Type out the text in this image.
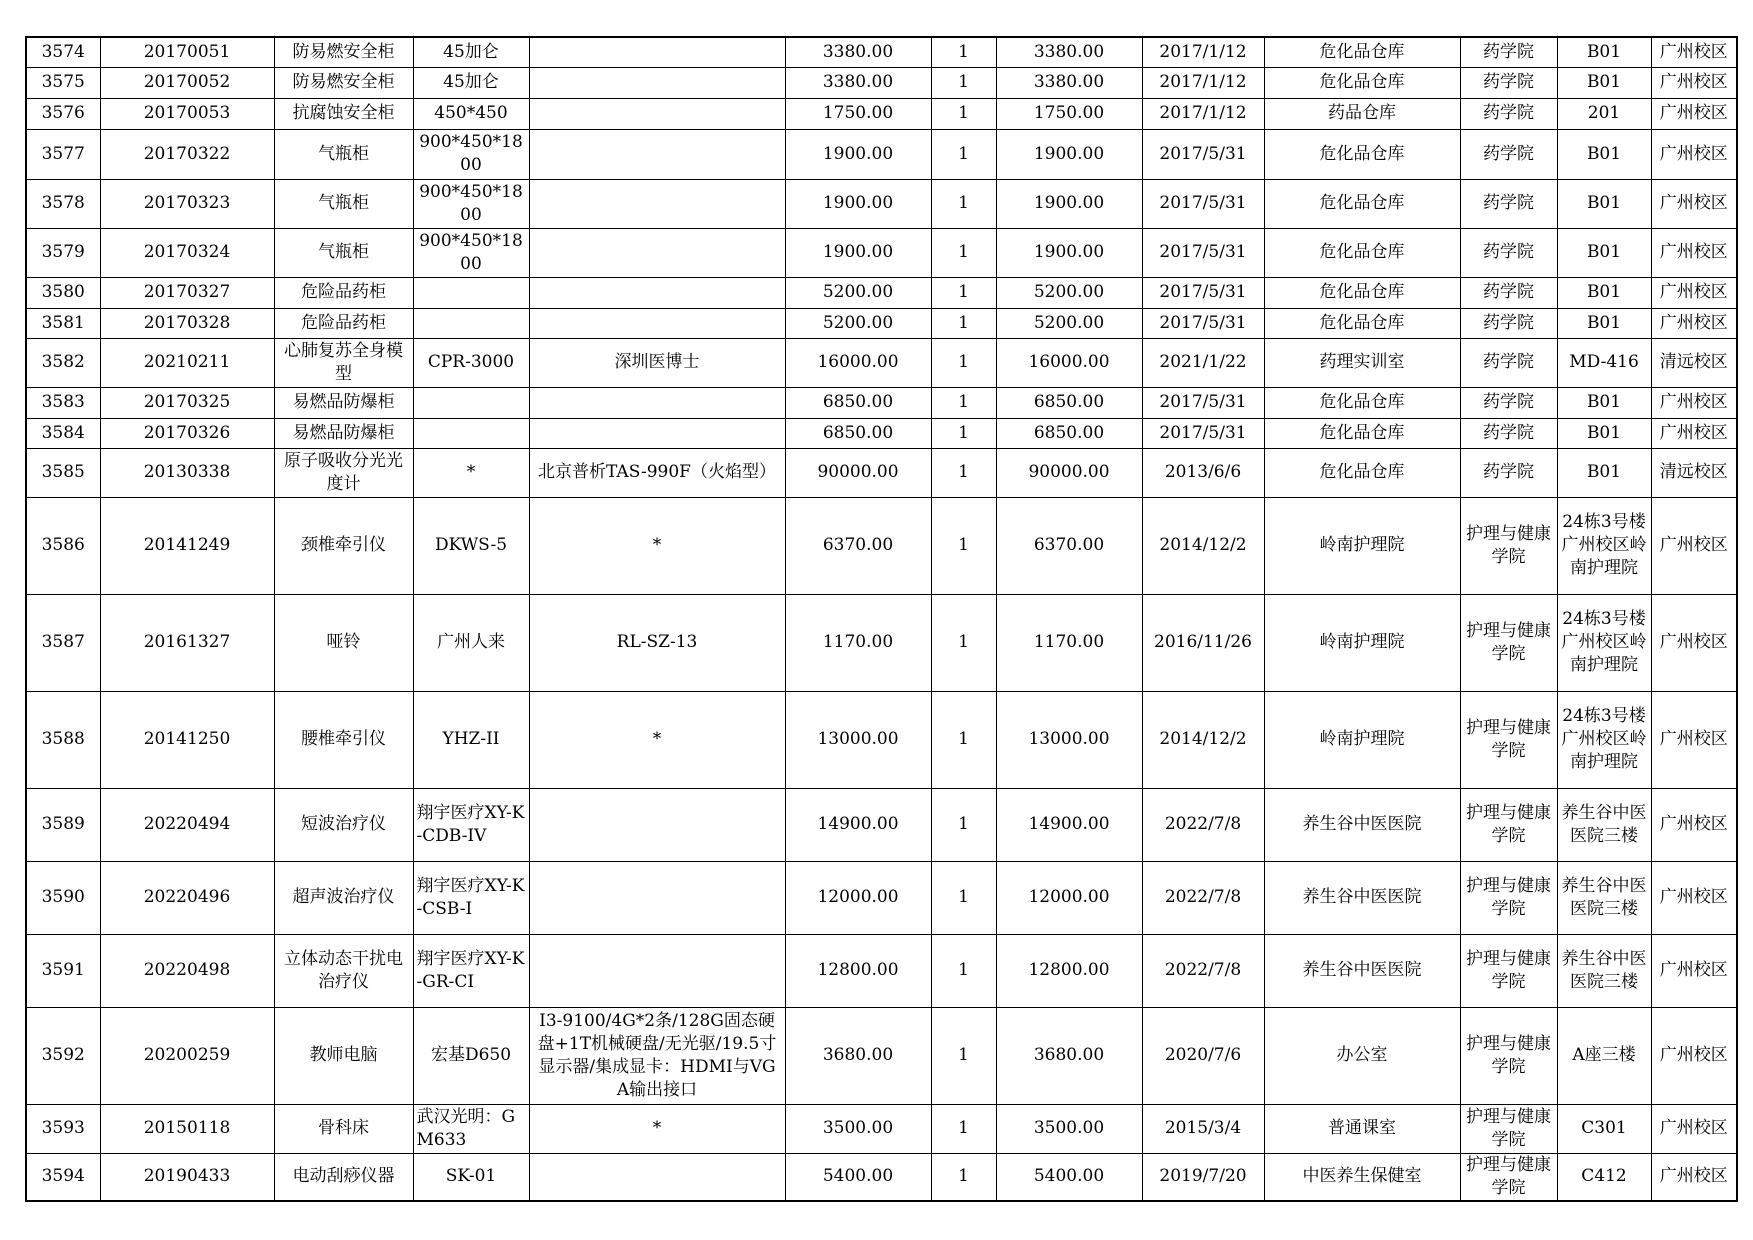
3574	20170051	防易燃安全柜	45加仑		3380.00	1	3380.00	2017/1/12	危化品仓库	药学院	B01	广州校区
3575	20170052	防易燃安全柜	45加仑		3380.00	1	3380.00	2017/1/12	危化品仓库	药学院	B01	广州校区
3576	20170053	抗腐蚀安全柜	450*450		1750.00	1	1750.00	2017/1/12	药品仓库	药学院	201	广州校区
3577	20170322	气瓶柜	900*450*1800		1900.00	1	1900.00	2017/5/31	危化品仓库	药学院	B01	广州校区
3578	20170323	气瓶柜	900*450*1800		1900.00	1	1900.00	2017/5/31	危化品仓库	药学院	B01	广州校区
3579	20170324	气瓶柜	900*450*1800		1900.00	1	1900.00	2017/5/31	危化品仓库	药学院	B01	广州校区
3580	20170327	危险品药柜			5200.00	1	5200.00	2017/5/31	危化品仓库	药学院	B01	广州校区
3581	20170328	危险品药柜			5200.00	1	5200.00	2017/5/31	危化品仓库	药学院	B01	广州校区
3582	20210211	心肺复苏全身模型	CPR-3000	深圳医博士	16000.00	1	16000.00	2021/1/22	药理实训室	药学院	MD-416	清远校区
3583	20170325	易燃品防爆柜			6850.00	1	6850.00	2017/5/31	危化品仓库	药学院	B01	广州校区
3584	20170326	易燃品防爆柜			6850.00	1	6850.00	2017/5/31	危化品仓库	药学院	B01	广州校区
3585	20130338	原子吸收分光光度计	*	北京普析TAS-990F（火焰型）	90000.00	1	90000.00	2013/6/6	危化品仓库	药学院	B01	清远校区
3586	20141249	颈椎牵引仪	DKWS-5	*	6370.00	1	6370.00	2014/12/2	岭南护理院	护理与健康学院	24栋3号楼广州校区岭南护理院	广州校区
3587	20161327	哑铃	广州人来	RL-SZ-13	1170.00	1	1170.00	2016/11/26	岭南护理院	护理与健康学院	24栋3号楼广州校区岭南护理院	广州校区
3588	20141250	腰椎牵引仪	YHZ-II	*	13000.00	1	13000.00	2014/12/2	岭南护理院	护理与健康学院	24栋3号楼广州校区岭南护理院	广州校区
3589	20220494	短波治疗仪	翔宇医疗XY-K-CDB-IV		14900.00	1	14900.00	2022/7/8	养生谷中医医院	护理与健康学院	养生谷中医医院三楼	广州校区
3590	20220496	超声波治疗仪	翔宇医疗XY-K-CSB-I		12000.00	1	12000.00	2022/7/8	养生谷中医医院	护理与健康学院	养生谷中医医院三楼	广州校区
3591	20220498	立体动态干扰电治疗仪	翔宇医疗XY-K-GR-CI		12800.00	1	12800.00	2022/7/8	养生谷中医医院	护理与健康学院	养生谷中医医院三楼	广州校区
3592	20200259	教师电脑	宏基D650	I3-9100/4G*2条/128G固态硬盘+1T机械硬盘/无光驱/19.5寸显示器/集成显卡：HDMI与VGA输出接口	3680.00	1	3680.00	2020/7/6	办公室	护理与健康学院	A座三楼	广州校区
3593	20150118	骨科床	武汉光明：GM633	*	3500.00	1	3500.00	2015/3/4	普通课室	护理与健康学院	C301	广州校区
3594	20190433	电动刮痧仪器	SK-01		5400.00	1	5400.00	2019/7/20	中医养生保健室	护理与健康学院	C412	广州校区
